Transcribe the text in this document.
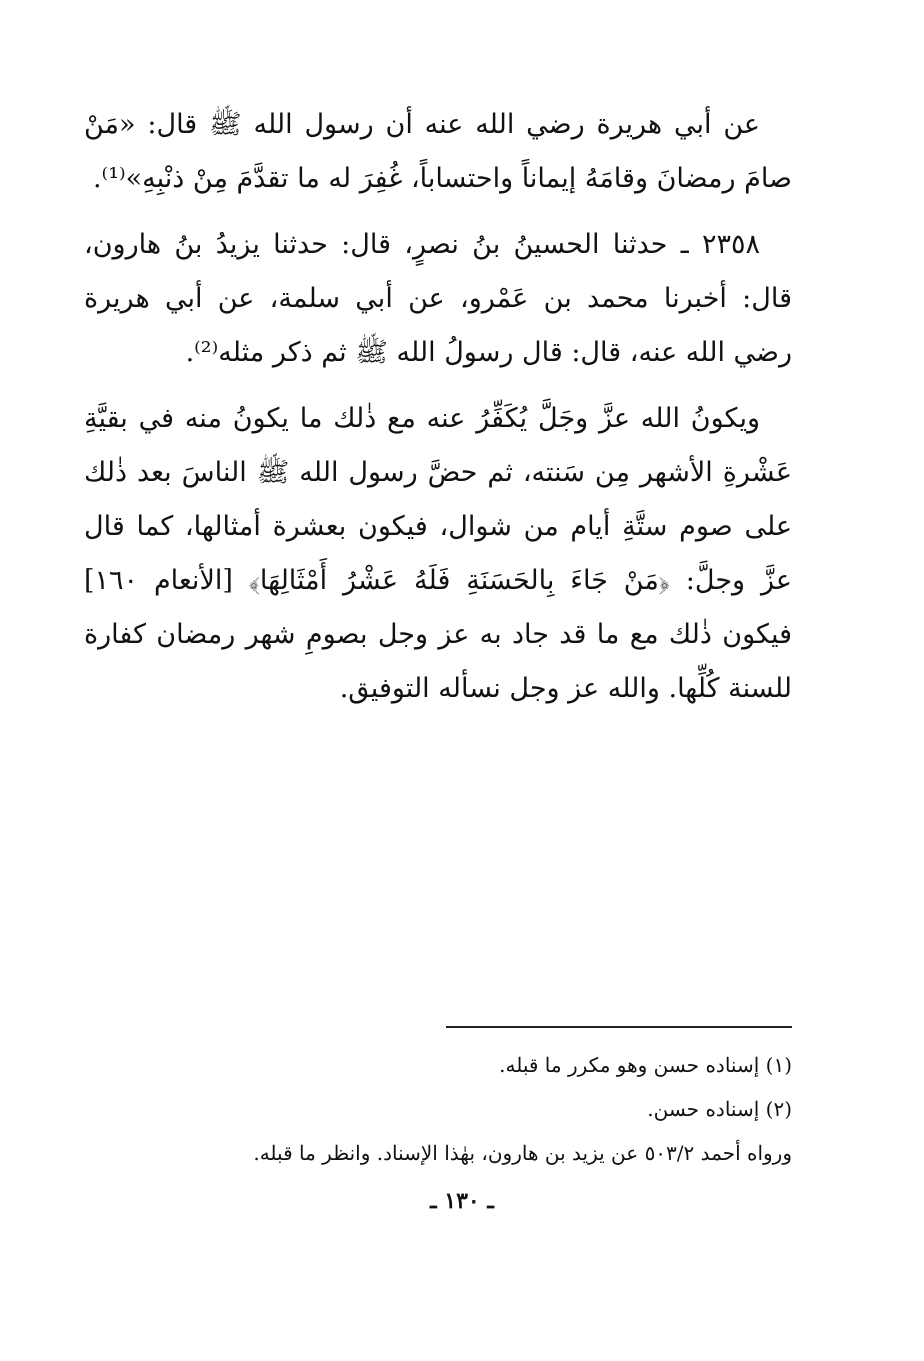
عن أبي هريرة رضي الله عنه أن رسول الله ﷺ قال: «مَنْ صامَ رمضانَ وقامَهُ إيماناً واحتساباً، غُفِرَ له ما تقدَّمَ مِنْ ذنْبِهِ»⁽¹⁾.

٢٣٥٨ ـ حدثنا الحسينُ بنُ نصرٍ، قال: حدثنا يزيدُ بنُ هارون، قال: أخبرنا محمد بن عَمْرو، عن أبي سلمة، عن أبي هريرة رضي الله عنه، قال: قال رسولُ الله ﷺ ثم ذكر مثله⁽²⁾.

ويكونُ الله عزَّ وجَلَّ يُكَفِّرُ عنه مع ذٰلك ما يكونُ منه في بقيَّةِ عَشْرةِ الأشهر مِن سَنته، ثم حضَّ رسول الله ﷺ الناسَ بعد ذٰلك على صوم ستَّةِ أيام من شوال، فيكون بعشرة أمثالها، كما قال عزَّ وجلَّ: ﴿مَنْ جَاءَ بِالحَسَنَةِ فَلَهُ عَشْرُ أَمْثَالِهَا﴾ [الأنعام ١٦٠] فيكون ذٰلك مع ما قد جاد به عز وجل بصومِ شهر رمضان كفارة للسنة كُلِّها. والله عز وجل نسأله التوفيق.

(١) إسناده حسن وهو مكرر ما قبله.

(٢) إسناده حسن.

ورواه أحمد ٥٠٣/٢ عن يزيد بن هارون، بهٰذا الإسناد. وانظر ما قبله.

ـ ١٣٠ ـ
